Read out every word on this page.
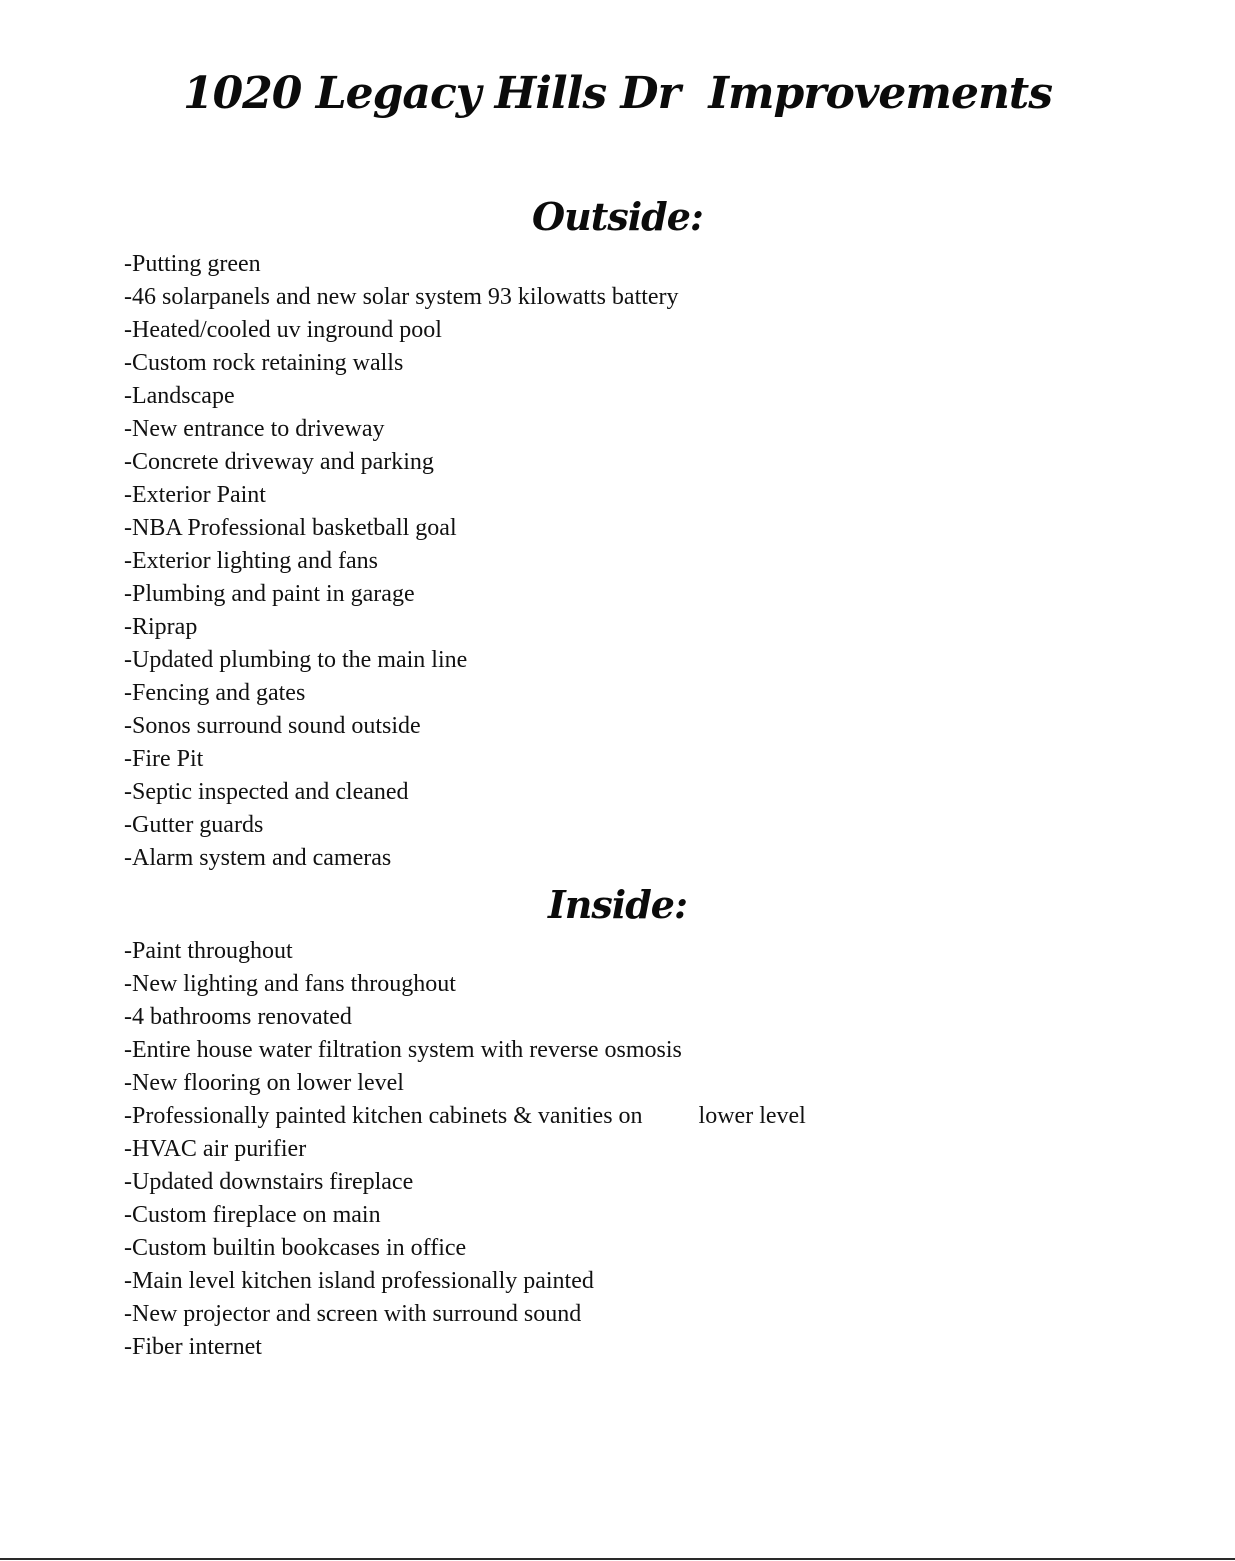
1020 Legacy Hills Dr  Improvements
Outside:
-Putting green
-46 solarpanels and new solar system 93 kilowatts battery
-Heated/cooled uv inground pool
-Custom rock retaining walls
-Landscape
-New entrance to driveway
-Concrete driveway and parking
-Exterior Paint
-NBA Professional basketball goal
-Exterior lighting and fans
-Plumbing and paint in garage
-Riprap
-Updated plumbing to the main line
-Fencing and gates
-Sonos surround sound outside
-Fire Pit
-Septic inspected and cleaned
-Gutter guards
-Alarm system and cameras
Inside:
-Paint throughout
-New lighting and fans throughout
-4 bathrooms renovated
-Entire house water filtration system with reverse osmosis
-New flooring on lower level
-Professionally painted kitchen cabinets & vanities on lower level
-HVAC air purifier
-Updated downstairs fireplace
-Custom fireplace on main
-Custom builtin bookcases in office
-Main level kitchen island professionally painted
-New projector and screen with surround sound
-Fiber internet
